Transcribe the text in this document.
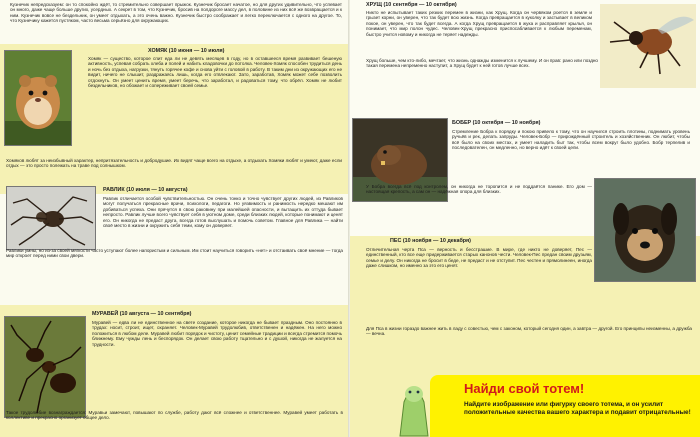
Кузнечик непредсказуем: он то спокойно ждёт, то стремительно совершает прыжок. Кузнечик бросает начатое, но для других удивительно, что успевает он много, даже чаще больше других, усердных. А секрет в том, что Кузнечик, бросив на полдороге массу дел, в половине из них всё же возвращается и к ним. Кузнечик вовсе не бездельник, он умеет отдыхать, а это очень важно. Кузнечик быстро соображает и легко переключается с одного на другое. То, что Кузнечику кажется пустяком, часто весьма серьёзно для окружающих.

ХОМЯК (10 июня — 10 июля)

Хомяк — существо, которое спит еда ли не девять месяцев в году, но в оставшееся время развивает бешеную активность, успевая собрать хлеба и полей и набить кладовочки до потолка. Человек-Хомяк способен трудиться день и ночь без отдыха, нагрузки, тянуть горячее кофе и снова уйти с головой в работу. В таким дни из окружающих его не видит, ничего не слышит, раздражаясь лишь, когда его отвлекают. Зато, заработав, Хомяк может себе позволить отдохнуть. Он умеет ценить время, умеет беречь, что заработал, и радоваться тому, что обрёл. Хомяк не любит бездельников, но обожает и сопереживает своей семье.

Хомяков любят за неизбывный характер, непритязательность и добродушие. Их видят чаще всего на отдыхе, а отдыхать Хомяки любят и умеют, даже если отдых — это просто полежать на траве под солнышком.

РАВЛИК (10 июля — 10 августа)

Равлик отличается особой чувствительностью. Он очень тонко и точно чувствует других людей, из Равликов могут получаться прекрасные врачи, психологи, педагоги. Но уязвимость и ранимость нередко мешают им добиваться успеха. Они прячутся в свою раковину при малейшей опасности, и вытащить их оттуда бывает непросто. Равлик лучше всего чувствует себя в уютном доме, среди близких людей, которые понимают и ценят его. Он никогда не предаст друга, всегда готов выслушать и помочь советом. Главное для Равлика — найти своё место в жизни и окружить себя теми, кому он доверяет.

Равлики умны, но из-за своей мягкости часто уступают более напористым и сильным. Им стоит научиться говорить «нет» и отстаивать своё мнение — тогда мир откроет перед ними свои двери.

МУРАВЕЙ (10 августа — 10 сентября)

Муравей — едва ли не единственное на свете создание, которое никогда не бывает праздным. Оно постоянно в трудах: носит, строит, ищет, охраняет. Человек-Муравей трудолюбив, ответственен и надёжен. На него можно положиться в любом деле. Муравей любит порядок и чистоту, ценит семейные традиции и всегда стремится помочь ближнему. Ему чужды лень и беспорядок. Он делает свою работу тщательно и с душой, никогда не жалуется на трудности.

Такое трудолюбие вознаграждается: Муравьи замечают, повышают по службе, работу дают всё сложнее и ответственнее. Муравей умеет работать в коллективе и прекрасно организует общее дело.

ХРУЩ (10 сентября — 10 октября)

Никто не испытывает таких резких перемен в жизни, как Хрущ. Когда он червяком роется в земле и грызет корни, он уверен, что так будет всю жизнь. Когда превращается в куколку и застывает в великом покое, он уверен, что так будет всегда. А когда Хрущ превращается в жука и расправляет крылья, он понимает, что мир полон чудес. Человек-Хрущ прекрасно приспосабливается к любым переменам, быстро учится новому и никогда не теряет надежды.

Хрущ больше, чем кто-либо, мечтает, что жизнь однажды изменится к лучшему. И он прав: рано или поздно такая перемена непременно наступит, а Хрущ будет к ней готов лучше всех.

БОБЕР (10 октября — 10 ноября)

Стремление Бобра к порядку и покою привело к тому, что он научился строить плотины, поднимать уровень ручьёв и рек, делать запруды. Человек-Бобр — прирождённый строитель и хозяйственник. Он любит, чтобы всё было на своих местах, и умеет наладить быт так, чтобы всем вокруг было удобно. Бобр терпелив и последователен, он медленно, но верно идёт к своей цели.

У Бобра всегда всё под контролем, он никогда не торопится и не поддаётся панике. Его дом — настоящая крепость, а сам он — надёжная опора для близких.

ПЕС (10 ноября — 10 декабря)

Отличительная черта Пса — верность и бесстрашие. В мире, где никто не доверяет, Пес — единственный, кто все еще придерживается старых канонов чести. Человек-Пес предан своим друзьям, семье и делу. Он никогда не бросит в беде, не предаст и не отступит. Пес честен и прямолинеен, иногда даже слишком, но именно за это его ценят.

Для Пса в жизни гораздо важнее жить в ладу с совестью, чем с законом, который сегодня один, а завтра — другой. Его принципы неизменны, а дружба — вечна.

Найди свой тотем!
Найдите изображение или фигурку своего тотема, и он усилит положительные качества вашего характера и подавит отрицательные!
